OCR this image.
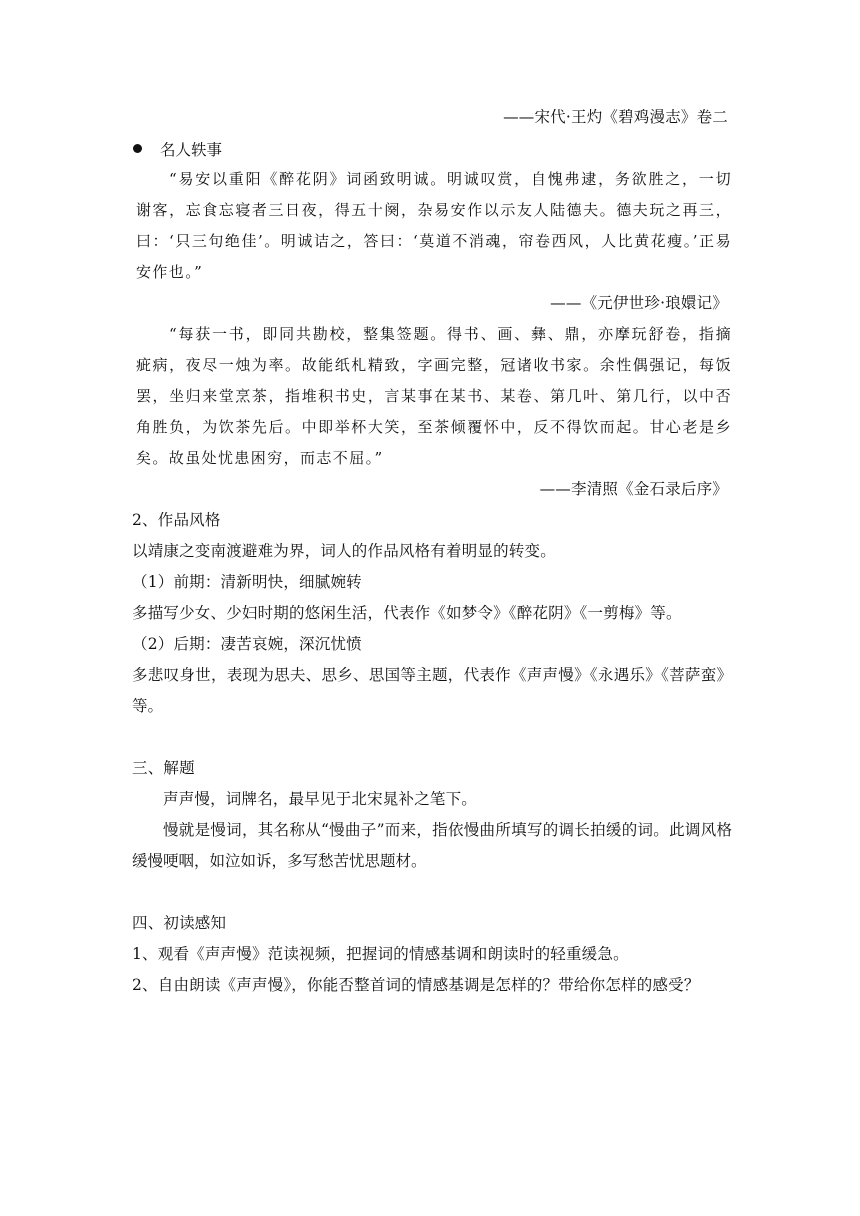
——宋代·王灼《碧鸡漫志》卷二
名人轶事
“易安以重阳《醉花阴》词函致明诚。明诚叹赏，自愧弗逮，务欲胜之，一切谢客，忘食忘寝者三日夜，得五十阕，杂易安作以示友人陆德夫。德夫玩之再三，曰：‘只三句绝佳’。明诚诘之，答曰：‘莫道不消魂，帘卷西风，人比黄花瘦。’正易安作也。”
——《元伊世珍·琅嬛记》
“每获一书，即同共勘校，整集签题。得书、画、彝、鼎，亦摩玩舒卷，指摘疵病，夜尽一烛为率。故能纸札精致，字画完整，冠诸收书家。余性偶强记，每饭罢，坐归来堂烹茶，指堆积书史，言某事在某书、某卷、第几叶、第几行，以中否角胜负，为饮茶先后。中即举杯大笑，至茶倾覆怀中，反不得饮而起。甘心老是乡矣。故虽处忧患困穷，而志不屈。”
——李清照《金石录后序》
2、作品风格
以靖康之变南渡避难为界，词人的作品风格有着明显的转变。
（1）前期：清新明快，细腻婉转
多描写少女、少妇时期的悠闲生活，代表作《如梦令》《醉花阴》《一剪梅》等。
（2）后期：凄苦哀婉，深沉忧愤
多悲叹身世，表现为思夫、思乡、思国等主题，代表作《声声慢》《永遇乐》《菩萨蛮》等。
三、解题
声声慢，词牌名，最早见于北宋晁补之笔下。
慢就是慢词，其名称从“慢曲子”而来，指依慢曲所填写的调长拍缓的词。此调风格缓慢哽咽，如泣如诉，多写愁苦忧思题材。
四、初读感知
1、观看《声声慢》范读视频，把握词的情感基调和朗读时的轻重缓急。
2、自由朗读《声声慢》，你能否整首词的情感基调是怎样的？带给你怎样的感受？
